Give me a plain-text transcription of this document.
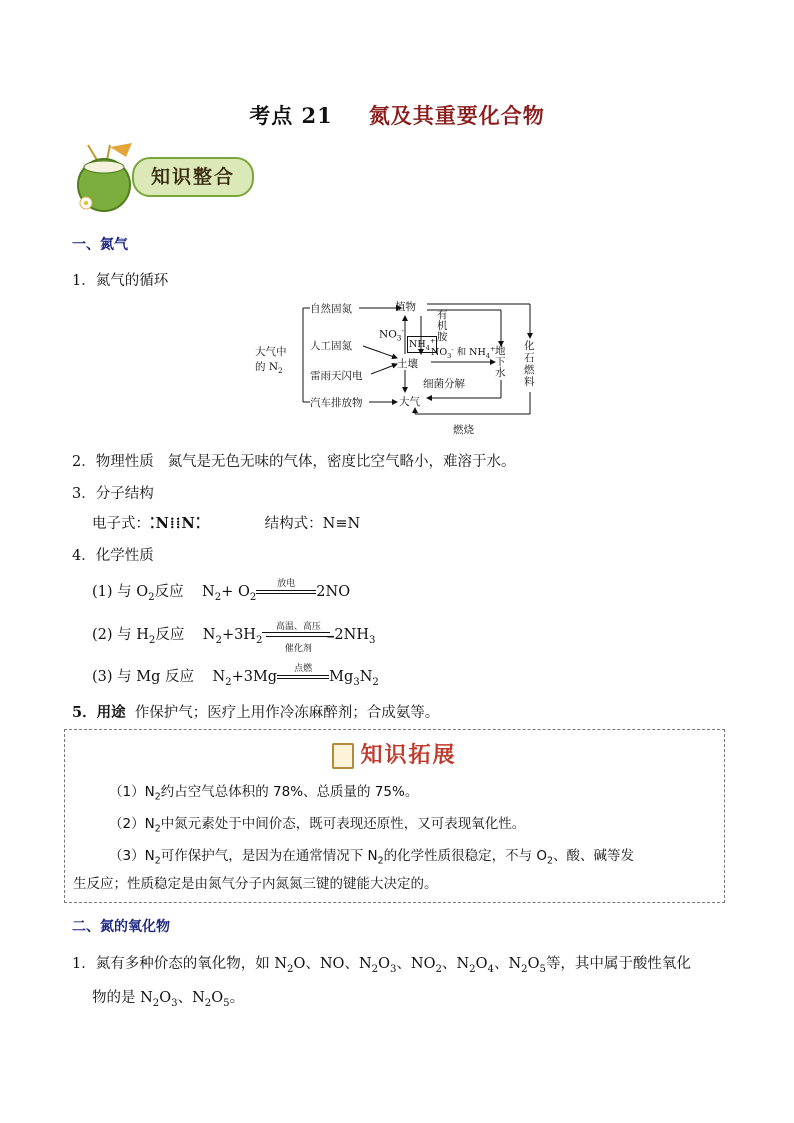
考点 21 氮及其重要化合物
知识整合
一、氮气
1．氮气的循环
大气中
的 $N_2$
自然固氮
人工固氮
雷雨天闪电
汽车排放物
植物
土壤
大气
$NO_3^-$
$NH_4^+$
有
机
胺
$NO_3^-$ 和 $NH_4^+$ 地
下
水
细菌分解
化
石
燃
料
燃烧
2．物理性质 氮气是无色无味的气体，密度比空气略小，难溶于水。
3．分子结构
电子式：⁚N⁞⁞N⁚	结构式：N≡N
4．化学性质
(1) 与 $O_2$反应 $N_2+ O_2$
放电	2NO
(2) 与 $H_2$反应 $N_2+3H_2$
高温、高压
⇀
催化剂
$2NH_3$
(3) 与 Mg 反应 $N_2+3Mg$	点燃	$Mg_3N_2$
5．用途 作保护气；医疗上用作冷冻麻醉剂；合成氨等。
知识拓展
$(1)N_2$约占空气总体积的 78%、总质量的 75%。
$(2)N_2$中氮元素处于中间价态，既可表现还原性，又可表现氧化性。
$(3)N_2$可作保护气，是因为在通常情况下 $N_2$的化学性质很稳定，不与 $O_2$、酸、碱等发
生反应；性质稳定是由氮气分子内氮氮三键的键能大决定的。
二、氮的氧化物
1．氮有多种价态的氧化物，如 $N_2O$、NO、$N_2O_3$、$NO_2$、$N_2O_4$、$N_2O_5$等，其中属于酸性氧化
物的是 $N_2O_3$、$N_2O_5$。
